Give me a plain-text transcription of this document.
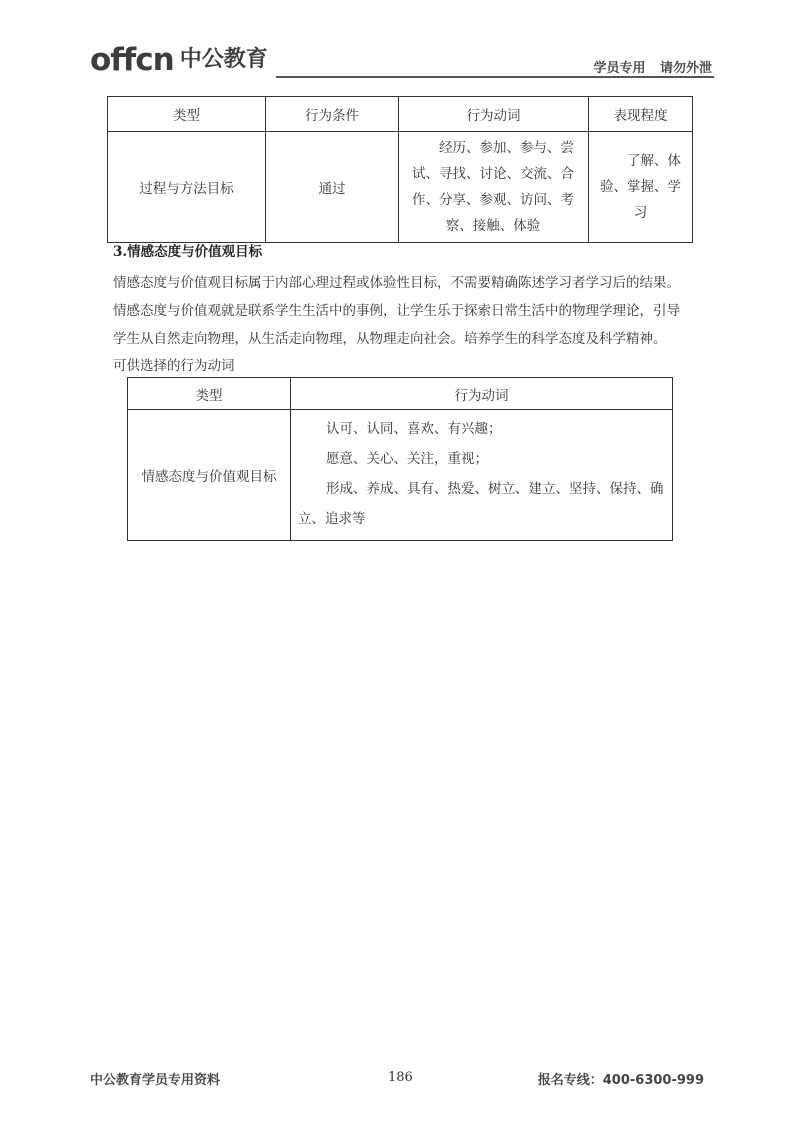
offcn 中公教育	学员专用 请勿外泄
类型	行为条件	行为动词	表现程度
过程与方法目标	通过	经历、参加、参与、尝试、寻找、讨论、交流、合作、分享、参观、访问、考察、接触、体验	了解、体验、掌握、学习
3.情感态度与价值观目标

情感态度与价值观目标属于内部心理过程或体验性目标，不需要精确陈述学习者学习后的结果。

情感态度与价值观就是联系学生生活中的事例，让学生乐于探索日常生活中的物理学理论，引导学生从自然走向物理，从生活走向物理，从物理走向社会。培养学生的科学态度及科学精神。

可供选择的行为动词

类型	行为动词
情感态度与价值观目标	认可、认同、喜欢、有兴趣；
愿意、关心、关注，重视；
形成、养成、具有、热爱、树立、建立、坚持、保持、确立、追求等
中公教育学员专用资料	186	报名专线：400-6300-999
